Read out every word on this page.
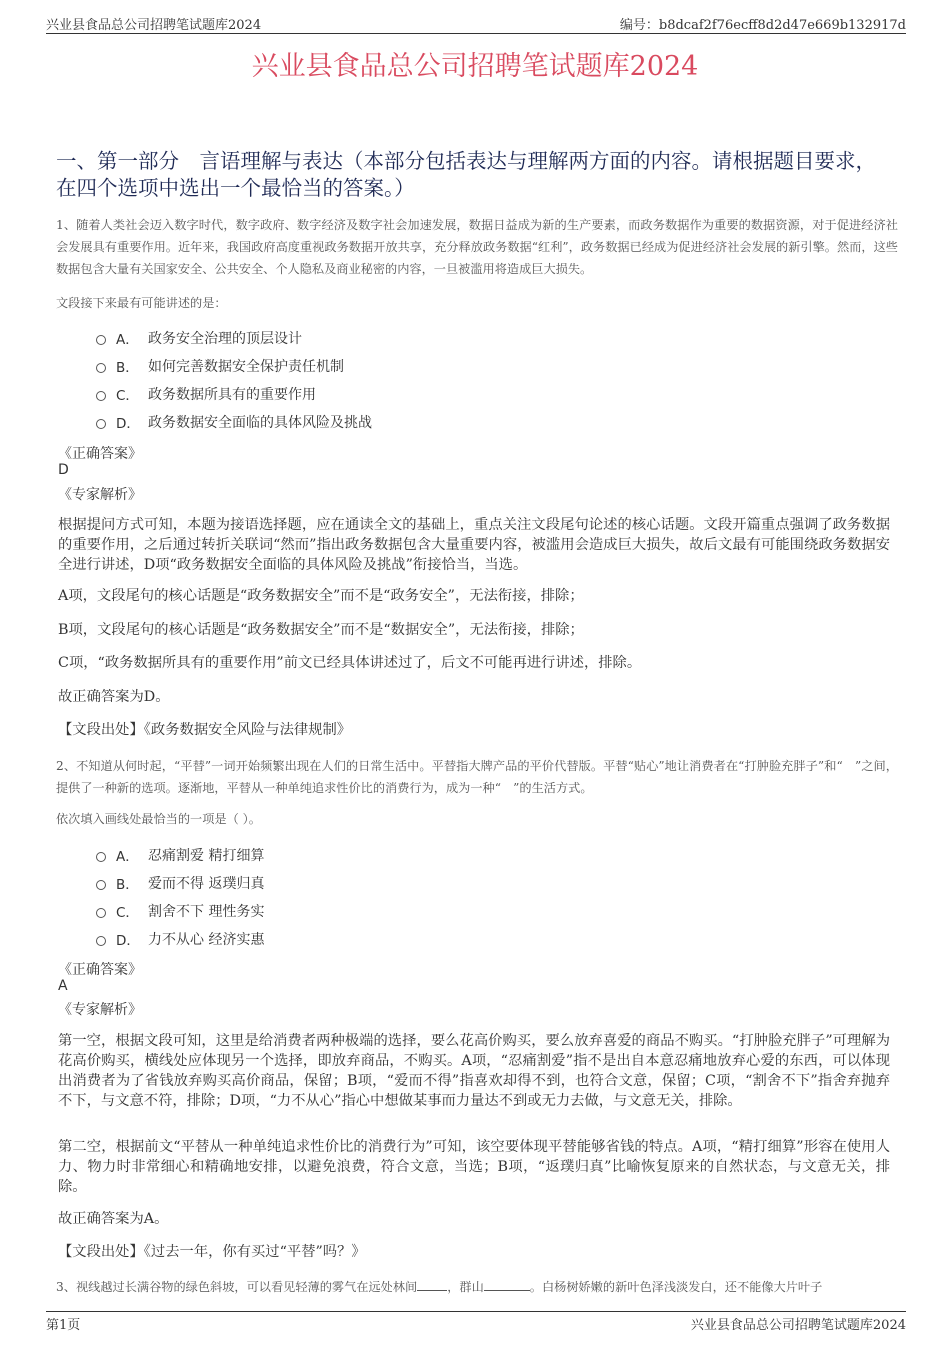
兴业县食品总公司招聘笔试题库2024	编号：b8dcaf2f76ecff8d2d47e669b132917d
兴业县食品总公司招聘笔试题库2024
一、第一部分　言语理解与表达（本部分包括表达与理解两方面的内容。请根据题目要求，在四个选项中选出一个最恰当的答案。）
1、随着人类社会迈入数字时代，数字政府、数字经济及数字社会加速发展，数据日益成为新的生产要素，而政务数据作为重要的数据资源，对于促进经济社会发展具有重要作用。近年来，我国政府高度重视政务数据开放共享，充分释放政务数据“红利”，政务数据已经成为促进经济社会发展的新引擎。然而，这些数据包含大量有关国家安全、公共安全、个人隐私及商业秘密的内容，一旦被滥用将造成巨大损失。
文段接下来最有可能讲述的是：
A． 政务安全治理的顶层设计
B． 如何完善数据安全保护责任机制
C． 政务数据所具有的重要作用
D． 政务数据安全面临的具体风险及挑战
《正确答案》
D
《专家解析》
根据提问方式可知，本题为接语选择题，应在通读全文的基础上，重点关注文段尾句论述的核心话题。文段开篇重点强调了政务数据的重要作用，之后通过转折关联词“然而”指出政务数据包含大量重要内容，被滥用会造成巨大损失，故后文最有可能围绕政务数据安全进行讲述，D项“政务数据安全面临的具体风险及挑战”衔接恰当，当选。
A项，文段尾句的核心话题是“政务数据安全”而不是“政务安全”，无法衔接，排除；
B项，文段尾句的核心话题是“政务数据安全”而不是“数据安全”，无法衔接，排除；
C项，“政务数据所具有的重要作用”前文已经具体讲述过了，后文不可能再进行讲述，排除。
故正确答案为D。
【文段出处】《政务数据安全风险与法律规制》
2、不知道从何时起，“平替”一词开始频繁出现在人们的日常生活中。平替指大牌产品的平价代替版。平替“贴心”地让消费者在“打肿脸充胖子”和“　”之间，提供了一种新的选项。逐渐地，平替从一种单纯追求性价比的消费行为，成为一种“　”的生活方式。
依次填入画线处最恰当的一项是（ ）。
A． 忍痛割爱 精打细算
B． 爱而不得 返璞归真
C． 割舍不下 理性务实
D． 力不从心 经济实惠
《正确答案》
A
《专家解析》
第一空，根据文段可知，这里是给消费者两种极端的选择，要么花高价购买，要么放弃喜爱的商品不购买。“打肿脸充胖子”可理解为花高价购买，横线处应体现另一个选择，即放弃商品，不购买。A项，“忍痛割爱”指不是出自本意忍痛地放弃心爱的东西，可以体现出消费者为了省钱放弃购买高价商品，保留；B项，“爱而不得”指喜欢却得不到，也符合文意，保留；C项，“割舍不下”指舍弃抛弃不下，与文意不符，排除；D项，“力不从心”指心中想做某事而力量达不到或无力去做，与文意无关，排除。
第二空，根据前文“平替从一种单纯追求性价比的消费行为”可知，该空要体现平替能够省钱的特点。A项，“精打细算”形容在使用人力、物力时非常细心和精确地安排，以避免浪费，符合文意，当选；B项，“返璞归真”比喻恢复原来的自然状态，与文意无关，排除。
故正确答案为A。
【文段出处】《过去一年，你有买过“平替”吗？》
3、视线越过长满谷物的绿色斜坡，可以看见轻薄的雾气在远处林间 ，群山	。白杨树娇嫩的新叶色泽浅淡发白，还不能像大片叶子
第1页	兴业县食品总公司招聘笔试题库2024
